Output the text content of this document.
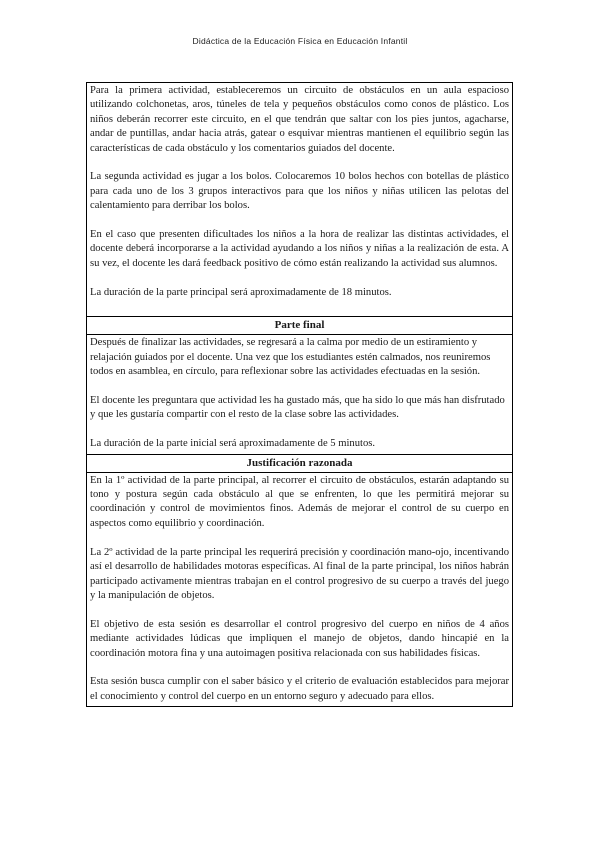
Didáctica de la Educación Física en Educación Infantil

Para la primera actividad, estableceremos un circuito de obstáculos en un aula espacioso utilizando colchonetas, aros, túneles de tela y pequeños obstáculos como conos de plástico. Los niños deberán recorrer este circuito, en el que tendrán que saltar con los pies juntos, agacharse, andar de puntillas, andar hacia atrás, gatear o esquivar mientras mantienen el equilibrio según las características de cada obstáculo y los comentarios guiados del docente.

La segunda actividad es jugar a los bolos. Colocaremos 10 bolos hechos con botellas de plástico para cada uno de los 3 grupos interactivos para que los niños y niñas utilicen las pelotas del calentamiento para derribar los bolos.

En el caso que presenten dificultades los niños a la hora de realizar las distintas actividades, el docente deberá incorporarse a la actividad ayudando a los niños y niñas a la realización de esta. A su vez, el docente les dará feedback positivo de cómo están realizando la actividad sus alumnos.

La duración de la parte principal será aproximadamente de 18 minutos.

Parte final

Después de finalizar las actividades, se regresará a la calma por medio de un estiramiento y relajación guiados por el docente. Una vez que los estudiantes estén calmados, nos reuniremos todos en asamblea, en círculo, para reflexionar sobre las actividades efectuadas en la sesión.

El docente les preguntara que actividad les ha gustado más, que ha sido lo que más han disfrutado y que les gustaría compartir con el resto de la clase sobre las actividades.

La duración de la parte inicial será aproximadamente de 5 minutos.

Justificación razonada

En la 1º actividad de la parte principal, al recorrer el circuito de obstáculos, estarán adaptando su tono y postura según cada obstáculo al que se enfrenten, lo que les permitirá mejorar su coordinación y control de movimientos finos. Además de mejorar el control de su cuerpo en aspectos como equilibrio y coordinación.

La 2º actividad de la parte principal les requerirá precisión y coordinación mano-ojo, incentivando así el desarrollo de habilidades motoras específicas. Al final de la parte principal, los niños habrán participado activamente mientras trabajan en el control progresivo de su cuerpo a través del juego y la manipulación de objetos.

El objetivo de esta sesión es desarrollar el control progresivo del cuerpo en niños de 4 años mediante actividades lúdicas que impliquen el manejo de objetos, dando hincapié en la coordinación motora fina y una autoimagen positiva relacionada con sus habilidades físicas.

Esta sesión busca cumplir con el saber básico y el criterio de evaluación establecidos para mejorar el conocimiento y control del cuerpo en un entorno seguro y adecuado para ellos.
